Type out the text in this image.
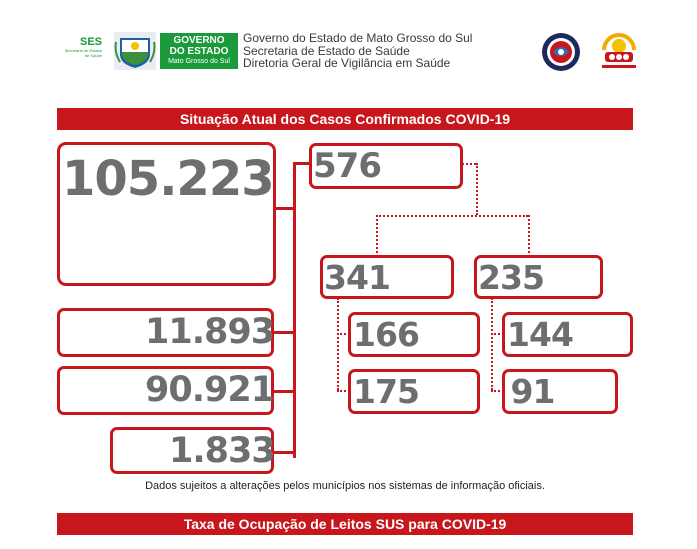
SES
Secretaria de Estado
de Saúde
GOVERNO
DO ESTADO
Mato Grosso do Sul
Governo do Estado de Mato Grosso do Sul
Secretaria de Estado de Saúde
Diretoria Geral de Vigilância em Saúde
Situação Atual dos Casos Confirmados COVID-19
105.223
Casos
confirmados
Isolamento
domiciliar 11.893
Recuperados 90.921
Óbitos 1.833
576 Internados
341 Leitos
clínicos 235 Leitos
UTI
166 Público
175 Privado
144 Público
91	Privado
Dados sujeitos a alterações pelos municípios nos sistemas de informação oficiais.
Taxa de Ocupação de Leitos SUS para COVID-19
